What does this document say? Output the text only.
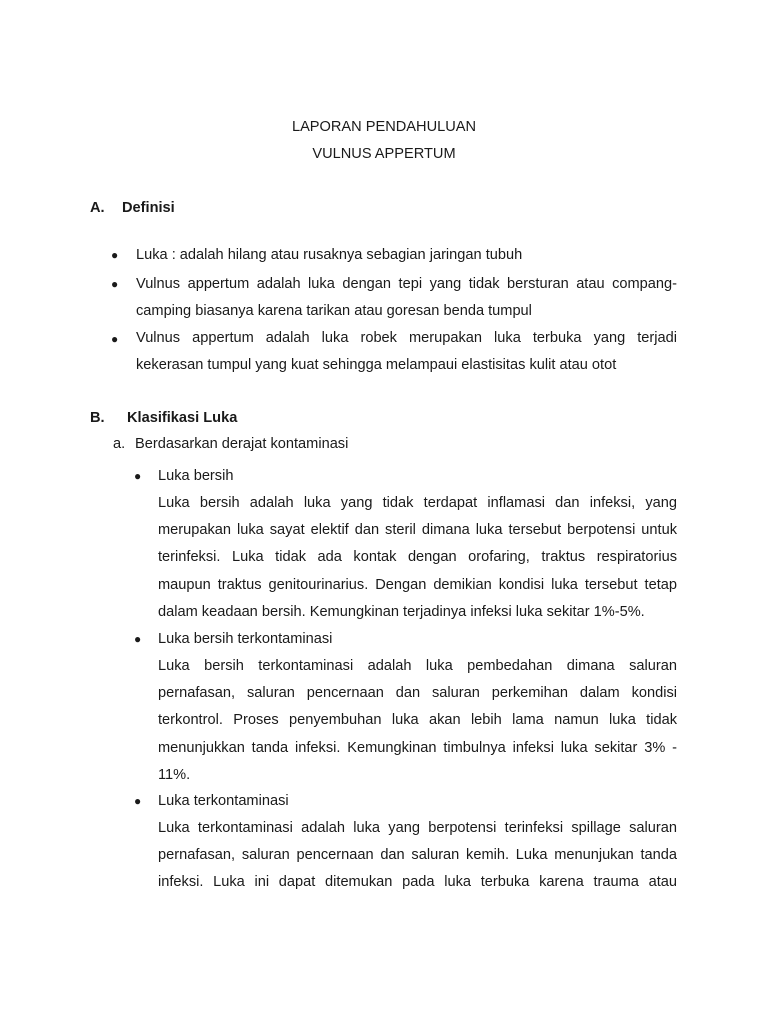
LAPORAN PENDAHULUAN
VULNUS APPERTUM
A.	Definisi
● Luka : adalah hilang atau rusaknya sebagian jaringan tubuh
● Vulnus appertum adalah luka dengan tepi yang tidak bersturan atau compang-
camping biasanya karena tarikan atau goresan benda tumpul
● Vulnus appertum adalah luka robek merupakan luka terbuka yang terjadi
kekerasan tumpul yang kuat sehingga melampaui elastisitas kulit atau otot
B.	Klasifikasi Luka
a. Berdasarkan derajat kontaminasi
● Luka bersih
Luka bersih adalah luka yang tidak terdapat inflamasi dan infeksi, yang
merupakan luka sayat elektif dan steril dimana luka tersebut berpotensi untuk
terinfeksi. Luka tidak ada kontak dengan orofaring, traktus respiratorius
maupun traktus genitourinarius. Dengan demikian kondisi luka tersebut tetap
dalam keadaan bersih. Kemungkinan terjadinya infeksi luka sekitar 1%-5%.
● Luka bersih terkontaminasi
Luka bersih terkontaminasi adalah luka pembedahan dimana saluran
pernafasan, saluran pencernaan dan saluran perkemihan dalam kondisi
terkontrol. Proses penyembuhan luka akan lebih lama namun luka tidak
menunjukkan tanda infeksi. Kemungkinan timbulnya infeksi luka sekitar 3% -
11%.
● Luka terkontaminasi
Luka terkontaminasi adalah luka yang berpotensi terinfeksi spillage saluran
pernafasan, saluran pencernaan dan saluran kemih. Luka menunjukan tanda
infeksi. Luka ini dapat ditemukan pada luka terbuka karena trauma atau
